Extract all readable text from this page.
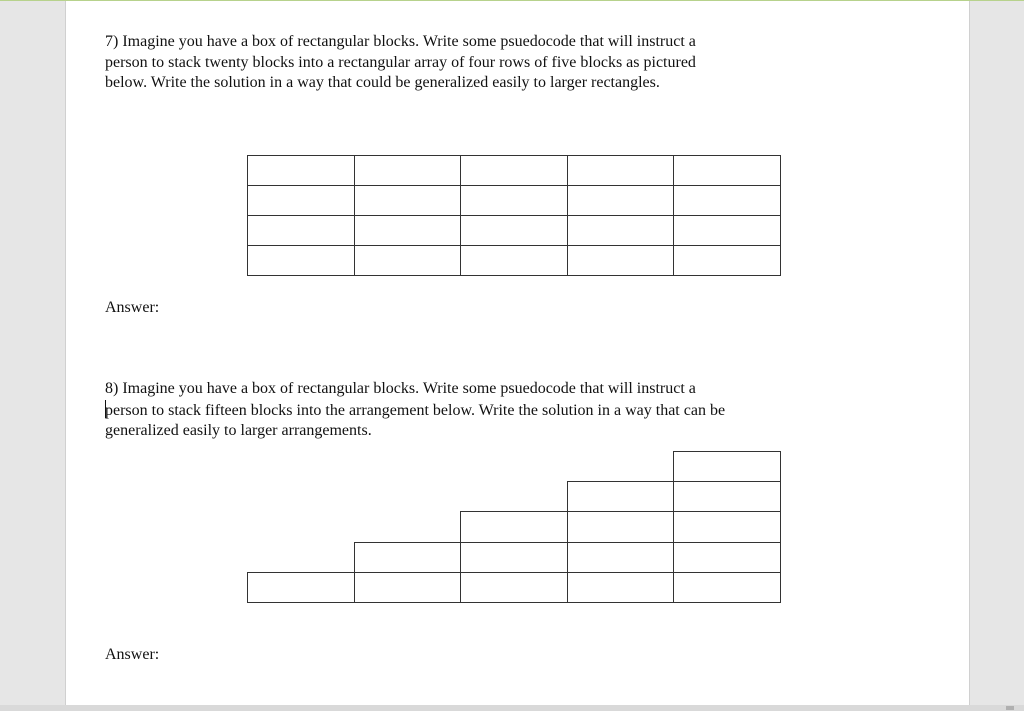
7) Imagine you have a box of rectangular blocks. Write some psuedocode that will instruct a
person to stack twenty blocks into a rectangular array of four rows of five blocks as pictured
below. Write the solution in a way that could be generalized easily to larger rectangles.
Answer:
8) Imagine you have a box of rectangular blocks. Write some psuedocode that will instruct a
person to stack fifteen blocks into the arrangement below. Write the solution in a way that can be
generalized easily to larger arrangements.
Answer:
